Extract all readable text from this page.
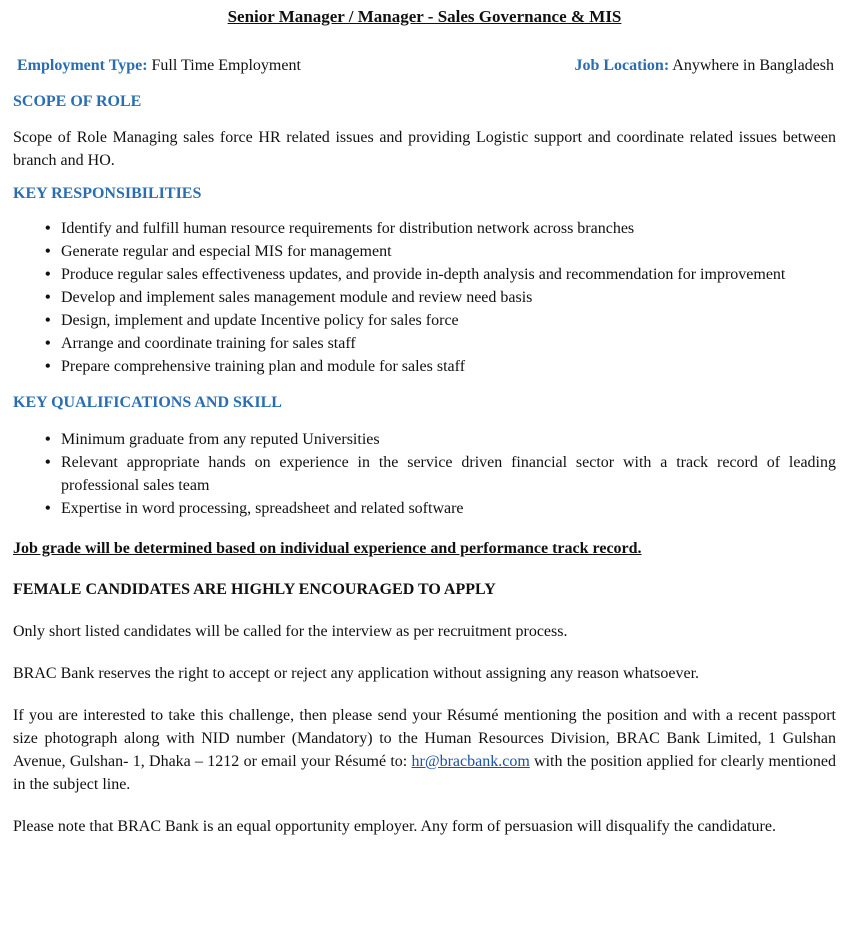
Senior Manager / Manager - Sales Governance & MIS
Employment Type: Full Time Employment	Job Location: Anywhere in Bangladesh
SCOPE OF ROLE

Scope of Role Managing sales force HR related issues and providing Logistic support and coordinate related issues between branch and HO.

KEY RESPONSIBILITIES
• Identify and fulfill human resource requirements for distribution network across branches
• Generate regular and especial MIS for management
• Produce regular sales effectiveness updates, and provide in-depth analysis and recommendation for improvement
• Develop and implement sales management module and review need basis
• Design, implement and update Incentive policy for sales force
• Arrange and coordinate training for sales staff
• Prepare comprehensive training plan and module for sales staff
KEY QUALIFICATIONS AND SKILL
• Minimum graduate from any reputed Universities
• Relevant appropriate hands on experience in the service driven financial sector with a track record of leading professional sales team
• Expertise in word processing, spreadsheet and related software

Job grade will be determined based on individual experience and performance track record.

FEMALE CANDIDATES ARE HIGHLY ENCOURAGED TO APPLY

Only short listed candidates will be called for the interview as per recruitment process.

BRAC Bank reserves the right to accept or reject any application without assigning any reason whatsoever.

If you are interested to take this challenge, then please send your Résumé mentioning the position and with a recent passport size photograph along with NID number (Mandatory) to the Human Resources Division, BRAC Bank Limited, 1 Gulshan Avenue, Gulshan- 1, Dhaka – 1212 or email your Résumé to: hr@bracbank.com with the position applied for clearly mentioned in the subject line.

Please note that BRAC Bank is an equal opportunity employer. Any form of persuasion will disqualify the candidature.
